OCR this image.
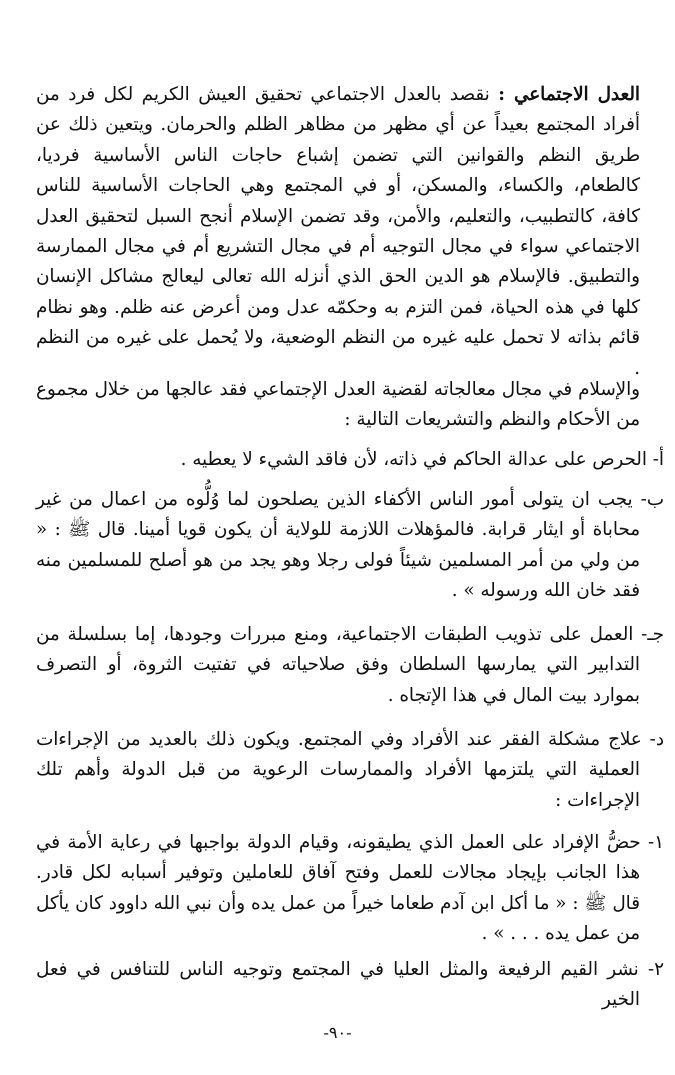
العدل الاجتماعي : نقصد بالعدل الاجتماعي تحقيق العيش الكريم لكل فرد من أفراد المجتمع بعيداً عن أي مظهر من مظاهر الظلم والحرمان. ويتعين ذلك عن طريق النظم والقوانين التي تضمن إشباع حاجات الناس الأساسية فرديا، كالطعام، والكساء، والمسكن، أو في المجتمع وهي الحاجات الأساسية للناس كافة، كالتطبيب، والتعليم، والأمن، وقد تضمن الإسلام أنجح السبل لتحقيق العدل الاجتماعي سواء في مجال التوجيه أم في مجال التشريع أم في مجال الممارسة والتطبيق. فالإسلام هو الدين الحق الذي أنزله الله تعالى ليعالج مشاكل الإنسان كلها في هذه الحياة، فمن التزم به وحكمّه عدل ومن أعرض عنه ظلم. وهو نظام قائم بذاته لا تحمل عليه غيره من النظم الوضعية، ولا يُحمل على غيره من النظم .

والإسلام في مجال معالجاته لقضية العدل الإجتماعي فقد عالجها من خلال مجموع من الأحكام والنظم والتشريعات التالية :

أ- الحرص على عدالة الحاكم في ذاته، لأن فاقد الشيء لا يعطيه .

ب- يجب ان يتولى أمور الناس الأكفاء الذين يصلحون لما وُلُّوه من اعمال من غير محاباة أو ايثار قرابة. فالمؤهلات اللازمة للولاية أن يكون قويا أمينا. قال ﷺ : « من ولي من أمر المسلمين شيئاً فولى رجلا وهو يجد من هو أصلح للمسلمين منه فقد خان الله ورسوله » .

جـ- العمل على تذويب الطبقات الاجتماعية، ومنع مبررات وجودها، إما بسلسلة من التدابير التي يمارسها السلطان وفق صلاحياته في تفتيت الثروة، أو التصرف بموارد بيت المال في هذا الإتجاه .

د- علاج مشكلة الفقر عند الأفراد وفي المجتمع. ويكون ذلك بالعديد من الإجراءات العملية التي يلتزمها الأفراد والممارسات الرعوية من قبل الدولة وأهم تلك الإجراءات :

١- حضُّ الإفراد على العمل الذي يطيقونه، وقيام الدولة بواجبها في رعاية الأمة في هذا الجانب بإيجاد مجالات للعمل وفتح آفاق للعاملين وتوفير أسبابه لكل قادر. قال ﷺ : « ما أكل ابن آدم طعاما خيراً من عمل يده وأن نبي الله داوود كان يأكل من عمل يده . . . » .

٢- نشر القيم الرفيعة والمثل العليا في المجتمع وتوجيه الناس للتنافس في فعل الخير

-٩٠-
